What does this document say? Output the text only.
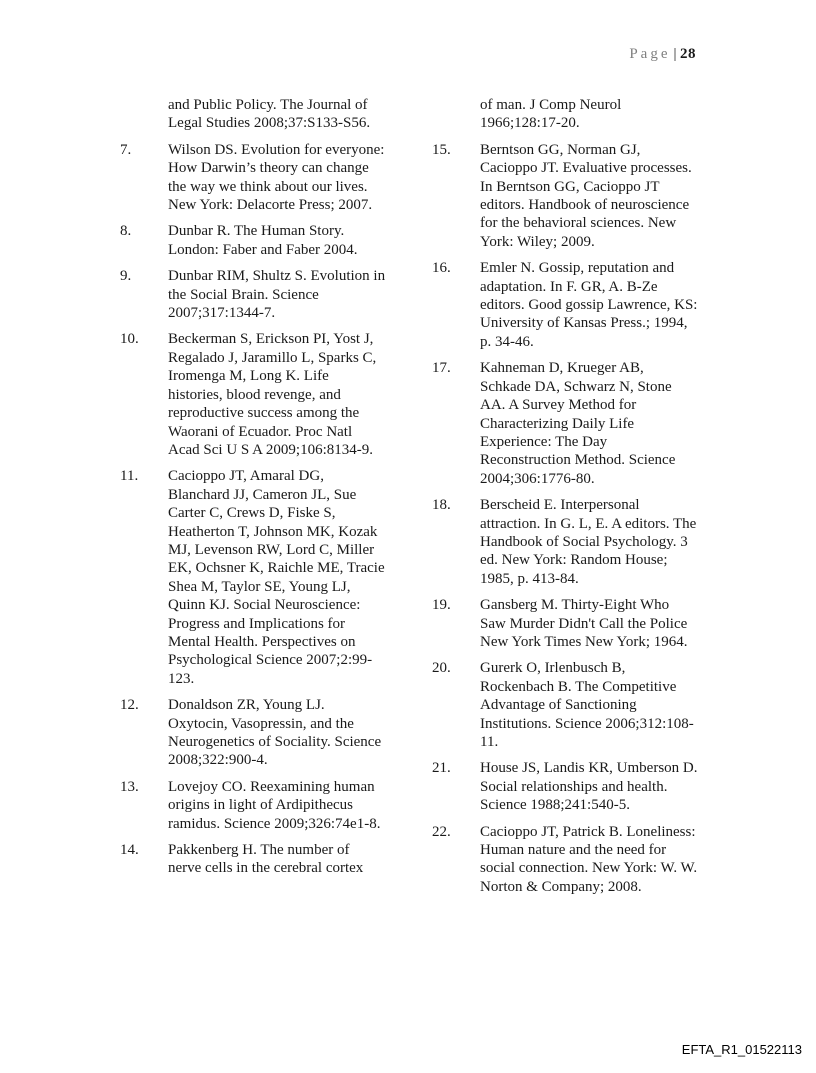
Page | 28
and Public Policy. The Journal of Legal Studies 2008;37:S133-S56.
7.	Wilson DS. Evolution for everyone: How Darwin’s theory can change the way we think about our lives. New York: Delacorte Press; 2007.
8.	Dunbar R. The Human Story. London: Faber and Faber 2004.
9.	Dunbar RIM, Shultz S. Evolution in the Social Brain. Science 2007;317:1344-7.
10.	Beckerman S, Erickson PI, Yost J, Regalado J, Jaramillo L, Sparks C, Iromenga M, Long K. Life histories, blood revenge, and reproductive success among the Waorani of Ecuador. Proc Natl Acad Sci U S A 2009;106:8134-9.
11.	Cacioppo JT, Amaral DG, Blanchard JJ, Cameron JL, Sue Carter C, Crews D, Fiske S, Heatherton T, Johnson MK, Kozak MJ, Levenson RW, Lord C, Miller EK, Ochsner K, Raichle ME, Tracie Shea M, Taylor SE, Young LJ, Quinn KJ. Social Neuroscience: Progress and Implications for Mental Health. Perspectives on Psychological Science 2007;2:99-123.
12.	Donaldson ZR, Young LJ. Oxytocin, Vasopressin, and the Neurogenetics of Sociality. Science 2008;322:900-4.
13.	Lovejoy CO. Reexamining human origins in light of Ardipithecus ramidus. Science 2009;326:74e1-8.
14.	Pakkenberg H. The number of nerve cells in the cerebral cortex
of man. J Comp Neurol 1966;128:17-20.
15.	Berntson GG, Norman GJ, Cacioppo JT. Evaluative processes. In Berntson GG, Cacioppo JT editors. Handbook of neuroscience for the behavioral sciences. New York: Wiley; 2009.
16.	Emler N. Gossip, reputation and adaptation. In F. GR, A. B-Ze editors. Good gossip Lawrence, KS: University of Kansas Press.; 1994, p. 34-46.
17.	Kahneman D, Krueger AB, Schkade DA, Schwarz N, Stone AA. A Survey Method for Characterizing Daily Life Experience: The Day Reconstruction Method. Science 2004;306:1776-80.
18.	Berscheid E. Interpersonal attraction. In G. L, E. A editors. The Handbook of Social Psychology. 3 ed. New York: Random House; 1985, p. 413-84.
19.	Gansberg M. Thirty-Eight Who Saw Murder Didn't Call the Police New York Times New York; 1964.
20.	Gurerk O, Irlenbusch B, Rockenbach B. The Competitive Advantage of Sanctioning Institutions. Science 2006;312:108-11.
21.	House JS, Landis KR, Umberson D. Social relationships and health. Science 1988;241:540-5.
22.	Cacioppo JT, Patrick B. Loneliness: Human nature and the need for social connection. New York: W. W. Norton & Company; 2008.
EFTA_R1_01522113
